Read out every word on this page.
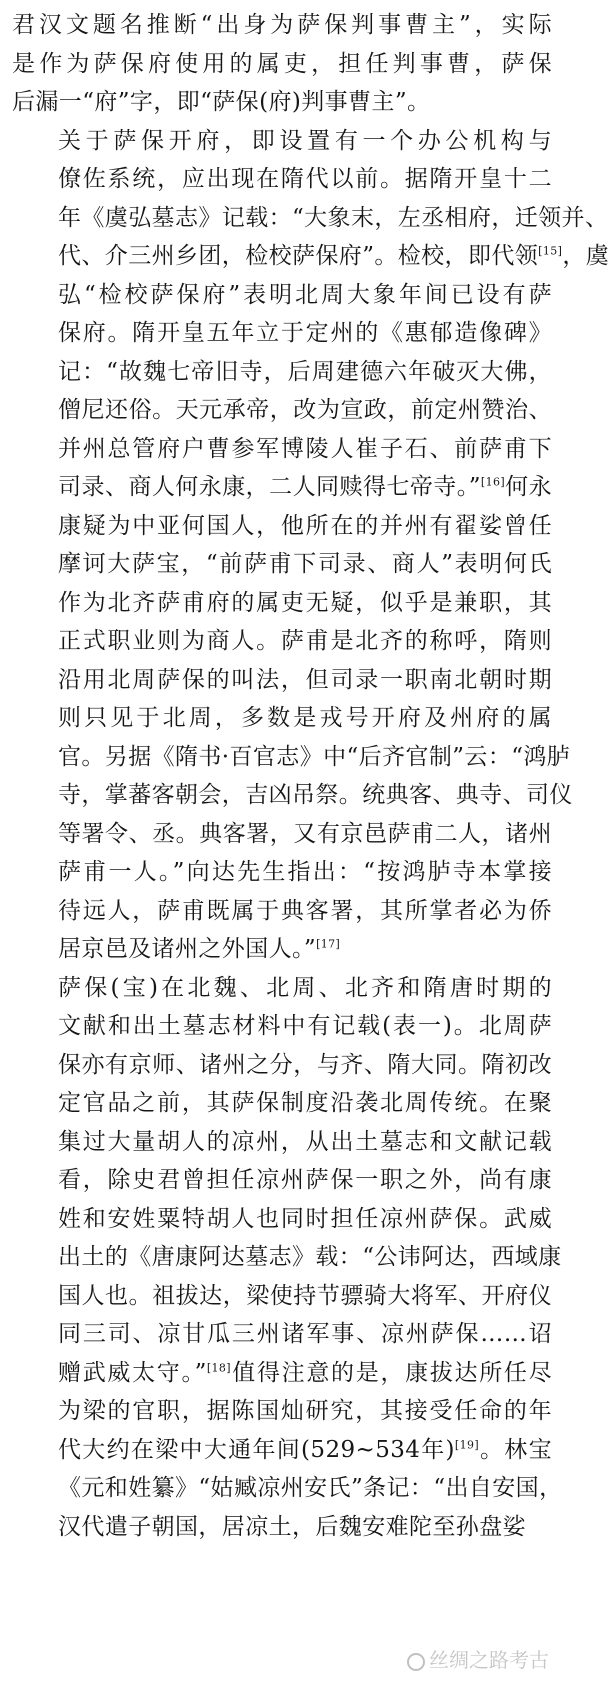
君汉文题名推断“出身为萨保判事曹主”，实际
是作为萨保府使用的属吏，担任判事曹，萨保
后漏一“府”字，即“萨保(府)判事曹主”。
关于萨保开府，即设置有一个办公机构与
僚佐系统，应出现在隋代以前。据隋开皇十二
年《虞弘墓志》记载：“大象末，左丞相府，迁领并、
代、介三州乡团，检校萨保府”。检校，即代领[15]，虞
弘“检校萨保府”表明北周大象年间已设有萨
保府。隋开皇五年立于定州的《惠郁造像碑》
记：“故魏七帝旧寺，后周建德六年破灭大佛，
僧尼还俗。天元承帝，改为宣政，前定州赞治、
并州总管府户曹参军博陵人崔子石、前萨甫下
司录、商人何永康，二人同赎得七帝寺。”[16]何永
康疑为中亚何国人，他所在的并州有翟娑曾任
摩诃大萨宝，“前萨甫下司录、商人”表明何氏
作为北齐萨甫府的属吏无疑，似乎是兼职，其
正式职业则为商人。萨甫是北齐的称呼，隋则
沿用北周萨保的叫法，但司录一职南北朝时期
则只见于北周，多数是戎号开府及州府的属
官。另据《隋书·百官志》中“后齐官制”云：“鸿胪
寺，掌蕃客朝会，吉凶吊祭。统典客、典寺、司仪
等署令、丞。典客署，又有京邑萨甫二人，诸州
萨甫一人。”向达先生指出：“按鸿胪寺本掌接
待远人，萨甫既属于典客署，其所掌者必为侨
居京邑及诸州之外国人。”[17]
萨保(宝)在北魏、北周、北齐和隋唐时期的
文献和出土墓志材料中有记载(表一)。北周萨
保亦有京师、诸州之分，与齐、隋大同。隋初改
定官品之前，其萨保制度沿袭北周传统。在聚
集过大量胡人的凉州，从出土墓志和文献记载
看，除史君曾担任凉州萨保一职之外，尚有康
姓和安姓粟特胡人也同时担任凉州萨保。武威
出土的《唐康阿达墓志》载：“公讳阿达，西域康
国人也。祖拔达，梁使持节骠骑大将军、开府仪
同三司、凉甘瓜三州诸军事、凉州萨保……诏
赠武威太守。”[18]值得注意的是，康拔达所任尽
为梁的官职，据陈国灿研究，其接受任命的年
代大约在梁中大通年间(529~534年)[19]。林宝
《元和姓纂》“姑臧凉州安氏”条记：“出自安国，
汉代遣子朝国，居凉土，后魏安难陀至孙盘娑
丝绸之路考古
